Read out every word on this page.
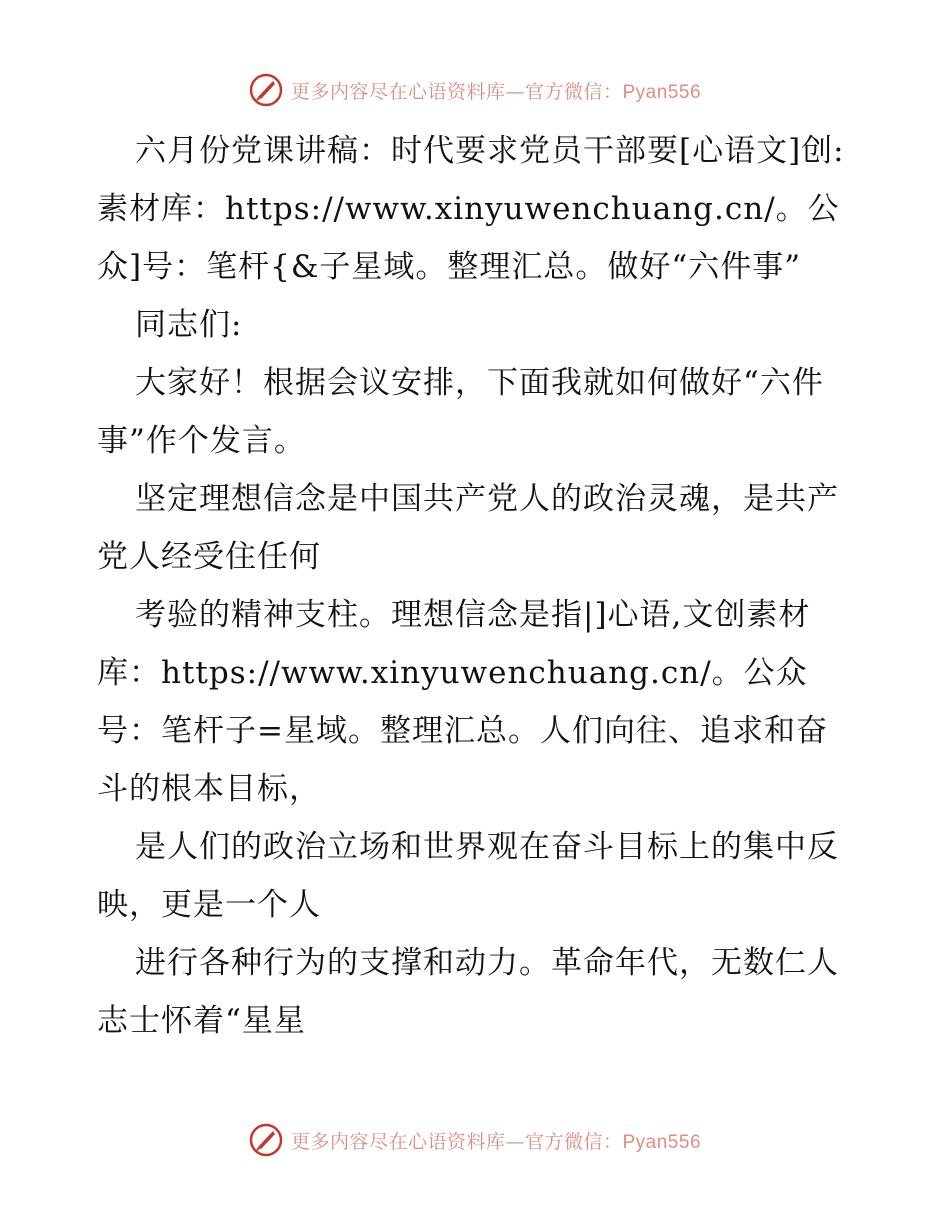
更多内容尽在心语资料库—官方微信：Pyan556

六月份党课讲稿：时代要求党员干部要[心语文]创:素材库：https://www.xinyuwenchuang.cn/。公众]号：笔杆{&子星域。整理汇总。做好“六件事”

同志们:

大家好！根据会议安排，下面我就如何做好“六件事”作个发言。

坚定理想信念是中国共产党人的政治灵魂，是共产党人经受住任何

考验的精神支柱。理想信念是指|]心语,文创素材库：https://www.xinyuwenchuang.cn/。公众号：笔杆子=星域。整理汇总。人们向往、追求和奋斗的根本目标，

是人们的政治立场和世界观在奋斗目标上的集中反映，更是一个人

进行各种行为的支撑和动力。革命年代，无数仁人志士怀着“星星

更多内容尽在心语资料库—官方微信：Pyan556
